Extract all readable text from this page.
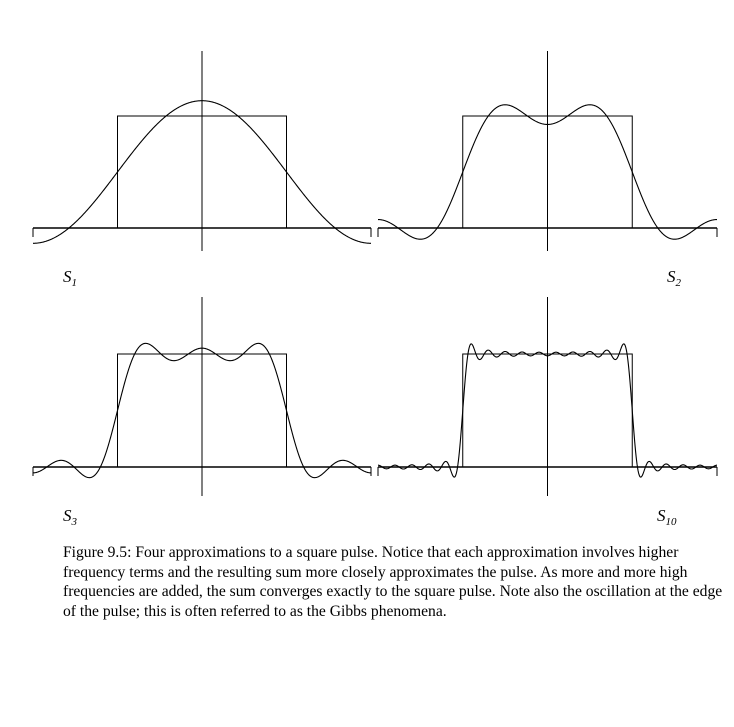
$S_1$	$S_2$
$S_3$	$S_{10}$

Figure 9.5: Four approximations to a square pulse. Notice that each approximation involves higher frequency terms and the resulting sum more closely approximates the pulse. As more and more high frequencies are added, the sum converges exactly to the square pulse. Note also the oscillation at the edge of the pulse; this is often referred to as the Gibbs phenomena.
